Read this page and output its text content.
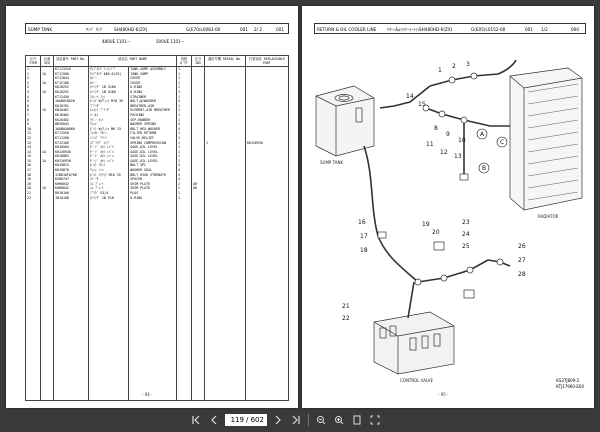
SUMP TANK	ｻﾝﾌﾟ ﾀﾝｸ	SH480HD-6(ZX)	G(E70)L0083-00	001 2/ 2	001
480UE 1101～	500UE 1101～
区号 ITEM	区番 SEQ	部品番号 PART No.	部品名 PART NAME		員数 Q'TY	区分 IDX	適用号機 SERIAL No.	代替部品 REPLACEABLE PART
1		KTJ13320	ｻﾝﾌﾟﾀﾝｸ ｱｯｼﾝﾌﾞﾘ	TANK,SUMP ASSEMBLY	1			
1	1A	KTJ1500	ｻﾝﾌﾟﾀﾝｸ 480-6(ZX)	TANK,SUMP	1			
2		KTJ2044	ｶﾊﾞｰ	COVER	1			
2	1A	KTJ2100	ｶﾊﾞｰ	COVER	1			
3		KKJ0252	ｵｰﾘﾝｸﾞ 1B G160	O-RING	1			
3	1A	KKJ0252	ｵｰﾘﾝｸﾞ 1B G160	O-RING	1			
4		KTJ2430	ｽﾄﾚｰﾅ ｱｯｼ	STRAINER	1			
5		16AB010020	ﾎﾞﾙﾄ W/ﾜｯｼｬ M16 35	BOLT,W/WASHER	4			
6		KUJ0701	ﾌﾞﾘｰｻﾞ	BREATHER,AIR	1			
6	1A	KBJ0461	ｴﾚﾒﾝﾄ ﾌﾞﾘｰｻﾞ	ELEMENT,AIR BREATHER	1			
7		KKJ0402	ﾊﾟｯｷﾝ	PACKING	1			
8		KKJ0402	ﾗﾊﾞｰ ｾｯﾄ	SEP,RUBBER	1			
9		BMJ6045	ﾜｯｼｬ	WASHER SPRING	4			
10		16AB040060	ﾎﾞﾙﾄ W/ﾜｯｼｬ M6 25	BOLT HEX,WASHER	4			
11		KTJ1550	ﾌｨﾙﾀｰ ﾘﾀｰﾝ	FILTER RETURN	1			
12		KTJ1260	ﾊﾞﾙﾌﾞ ﾘﾘｰﾌ	VALVE,RELIEF	1			
13		KTJ2106	ｽﾌﾟﾘﾝｸﾞ ｺﾝﾌﾟ	SPRING COMPRESSION	1		1	KHJ26930
14		KHJ0504	ｹﾞｰｼﾞ ｵｲﾙ ﾚﾍﾞﾙ	GAGE,OIL LEVEL	1			
14	1A	KHJ26930	ｹﾞｰｼﾞ ｵｲﾙ ﾚﾍﾞﾙ	GAGE,OIL LEVEL	1			
15		KHJ0865	ｹﾞｰｼﾞ ｵｲﾙ ﾚﾍﾞﾙ	GAGE,OIL LEVEL	1			
15	1A	KHJ26930	ｹﾞｰｼﾞ ｵｲﾙ ﾚﾍﾞﾙ	GAGE,OIL LEVEL	1			
16		KHJ0815	ﾎﾞﾙﾄ ｿｹｯﾄ	BOLT SPL	4			
17		KHJ0870	ﾜｯｼｬ ｼｰﾙ	WASHER SEAL	4			
18		1CBK10F0700	ﾎﾞﾙﾄ ｺｳﾘｮｸ M16 35	BOLT HIGH STRENGTH	4			
19		KSH0747	ｽﾍﾟｰｻ	SPACER	4			
20		KHH0842	ｼﾑ ﾌﾟﾚｰﾄ	SHIM PLATE	2	AR		
20	1A	KHH0842	ｼﾑ ﾌﾟﾚｰﾄ	SHIM PLATE	2	AR		
21		DRJ0100	ﾌﾟﾗｸﾞ G3/4	PLUG	1			
22		JBJ0100	ｵｰﾘﾝｸﾞ 1B P18	O-RING	1			

- 94 -
RETURN & OIL COOLER LINE	ﾘﾀｰﾝ&ｵｲﾙｸｰﾗｰﾗｲﾝ SH480HD-6(ZX)	G(E05)L0152-00	001 1/2	000
A
B
C
14
15
1
2 3
8
9
10
11
12
13
16
17
18
19
20
21
22
23
24
25	26
27
28
SUMP TANK
RADIATOR
CONTROL VALVE	KS3TJ809-2
KTJ17960-E00
- 95 -
119
/ 602
